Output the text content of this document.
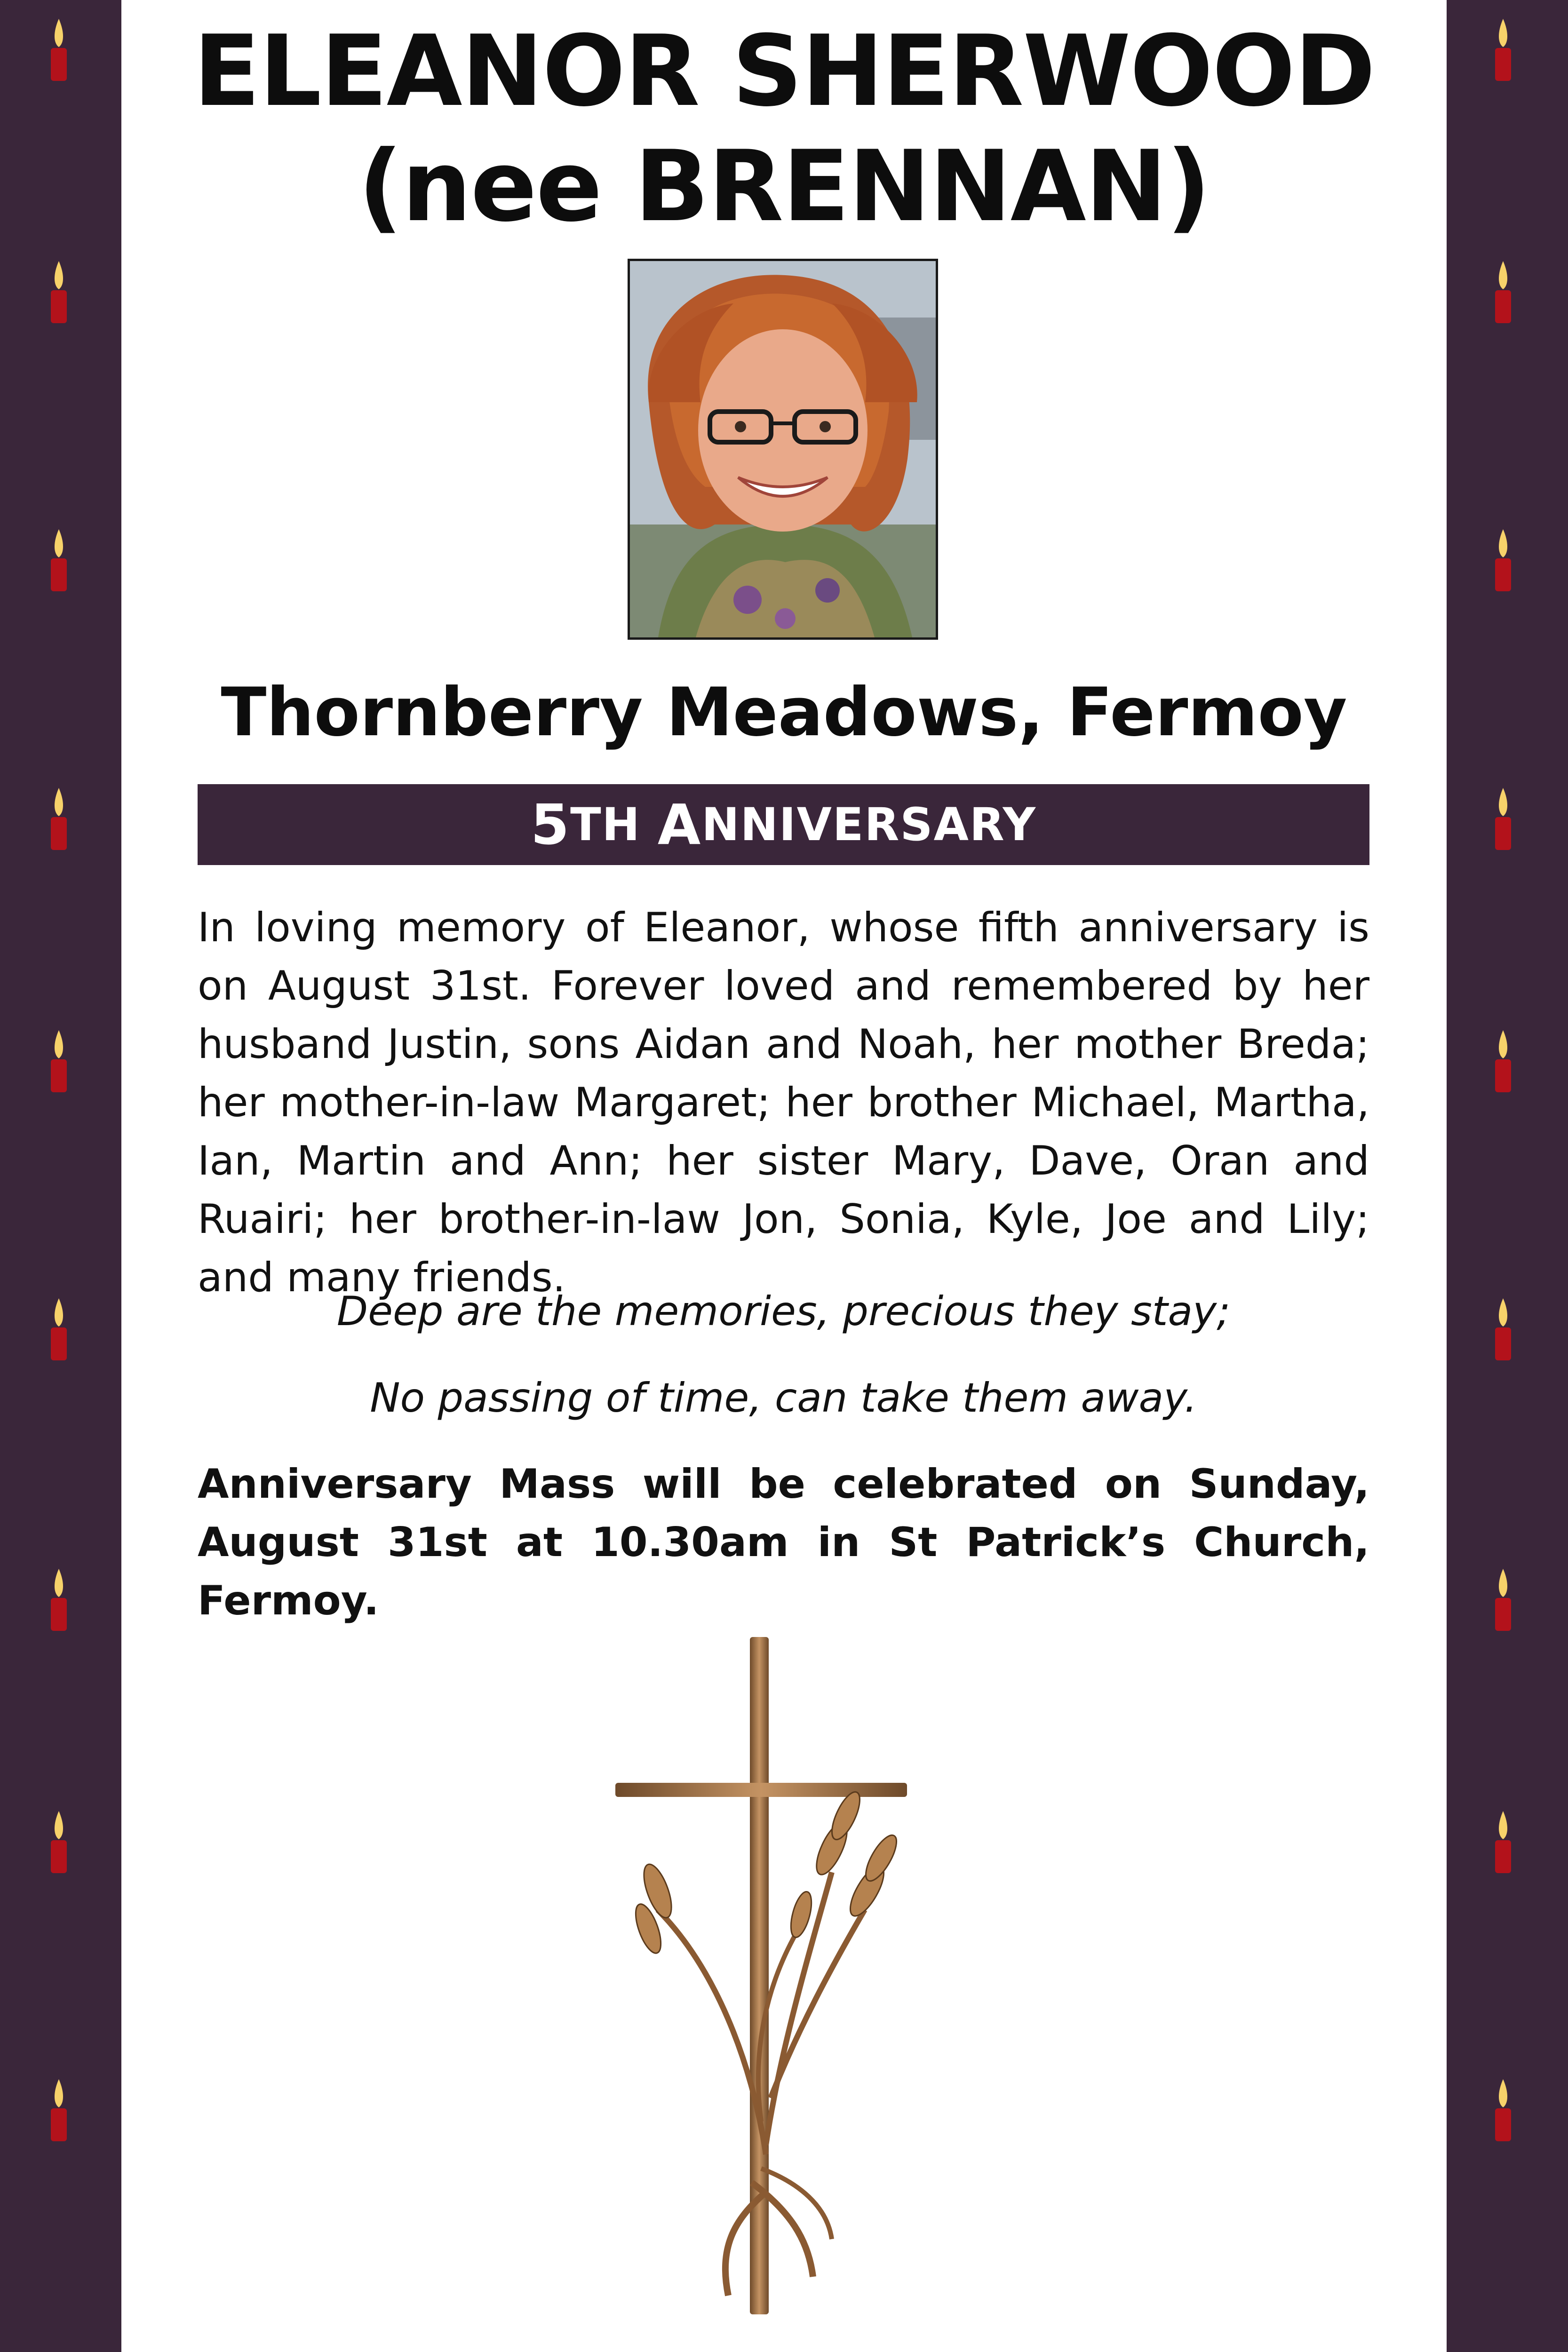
ELEANOR SHERWOOD
(nee BRENNAN)
Thornberry Meadows, Fermoy
5 TH A NNIVERSARY
In loving memory of Eleanor, whose fifth anniversary is on August 31st. Forever loved and remembered by her husband Justin, sons Aidan and Noah, her mother Breda; her mother-in-law Margaret; her brother Michael, Martha, Ian, Martin and Ann; her sister Mary, Dave, Oran and Ruairi; her brother-in-law Jon, Sonia, Kyle, Joe and Lily; and many friends.
Deep are the memories, precious they stay;
No passing of time, can take them away.
Anniversary Mass will be celebrated on Sunday, August 31st at 10.30am in St Patrick’s Church, Fermoy.
